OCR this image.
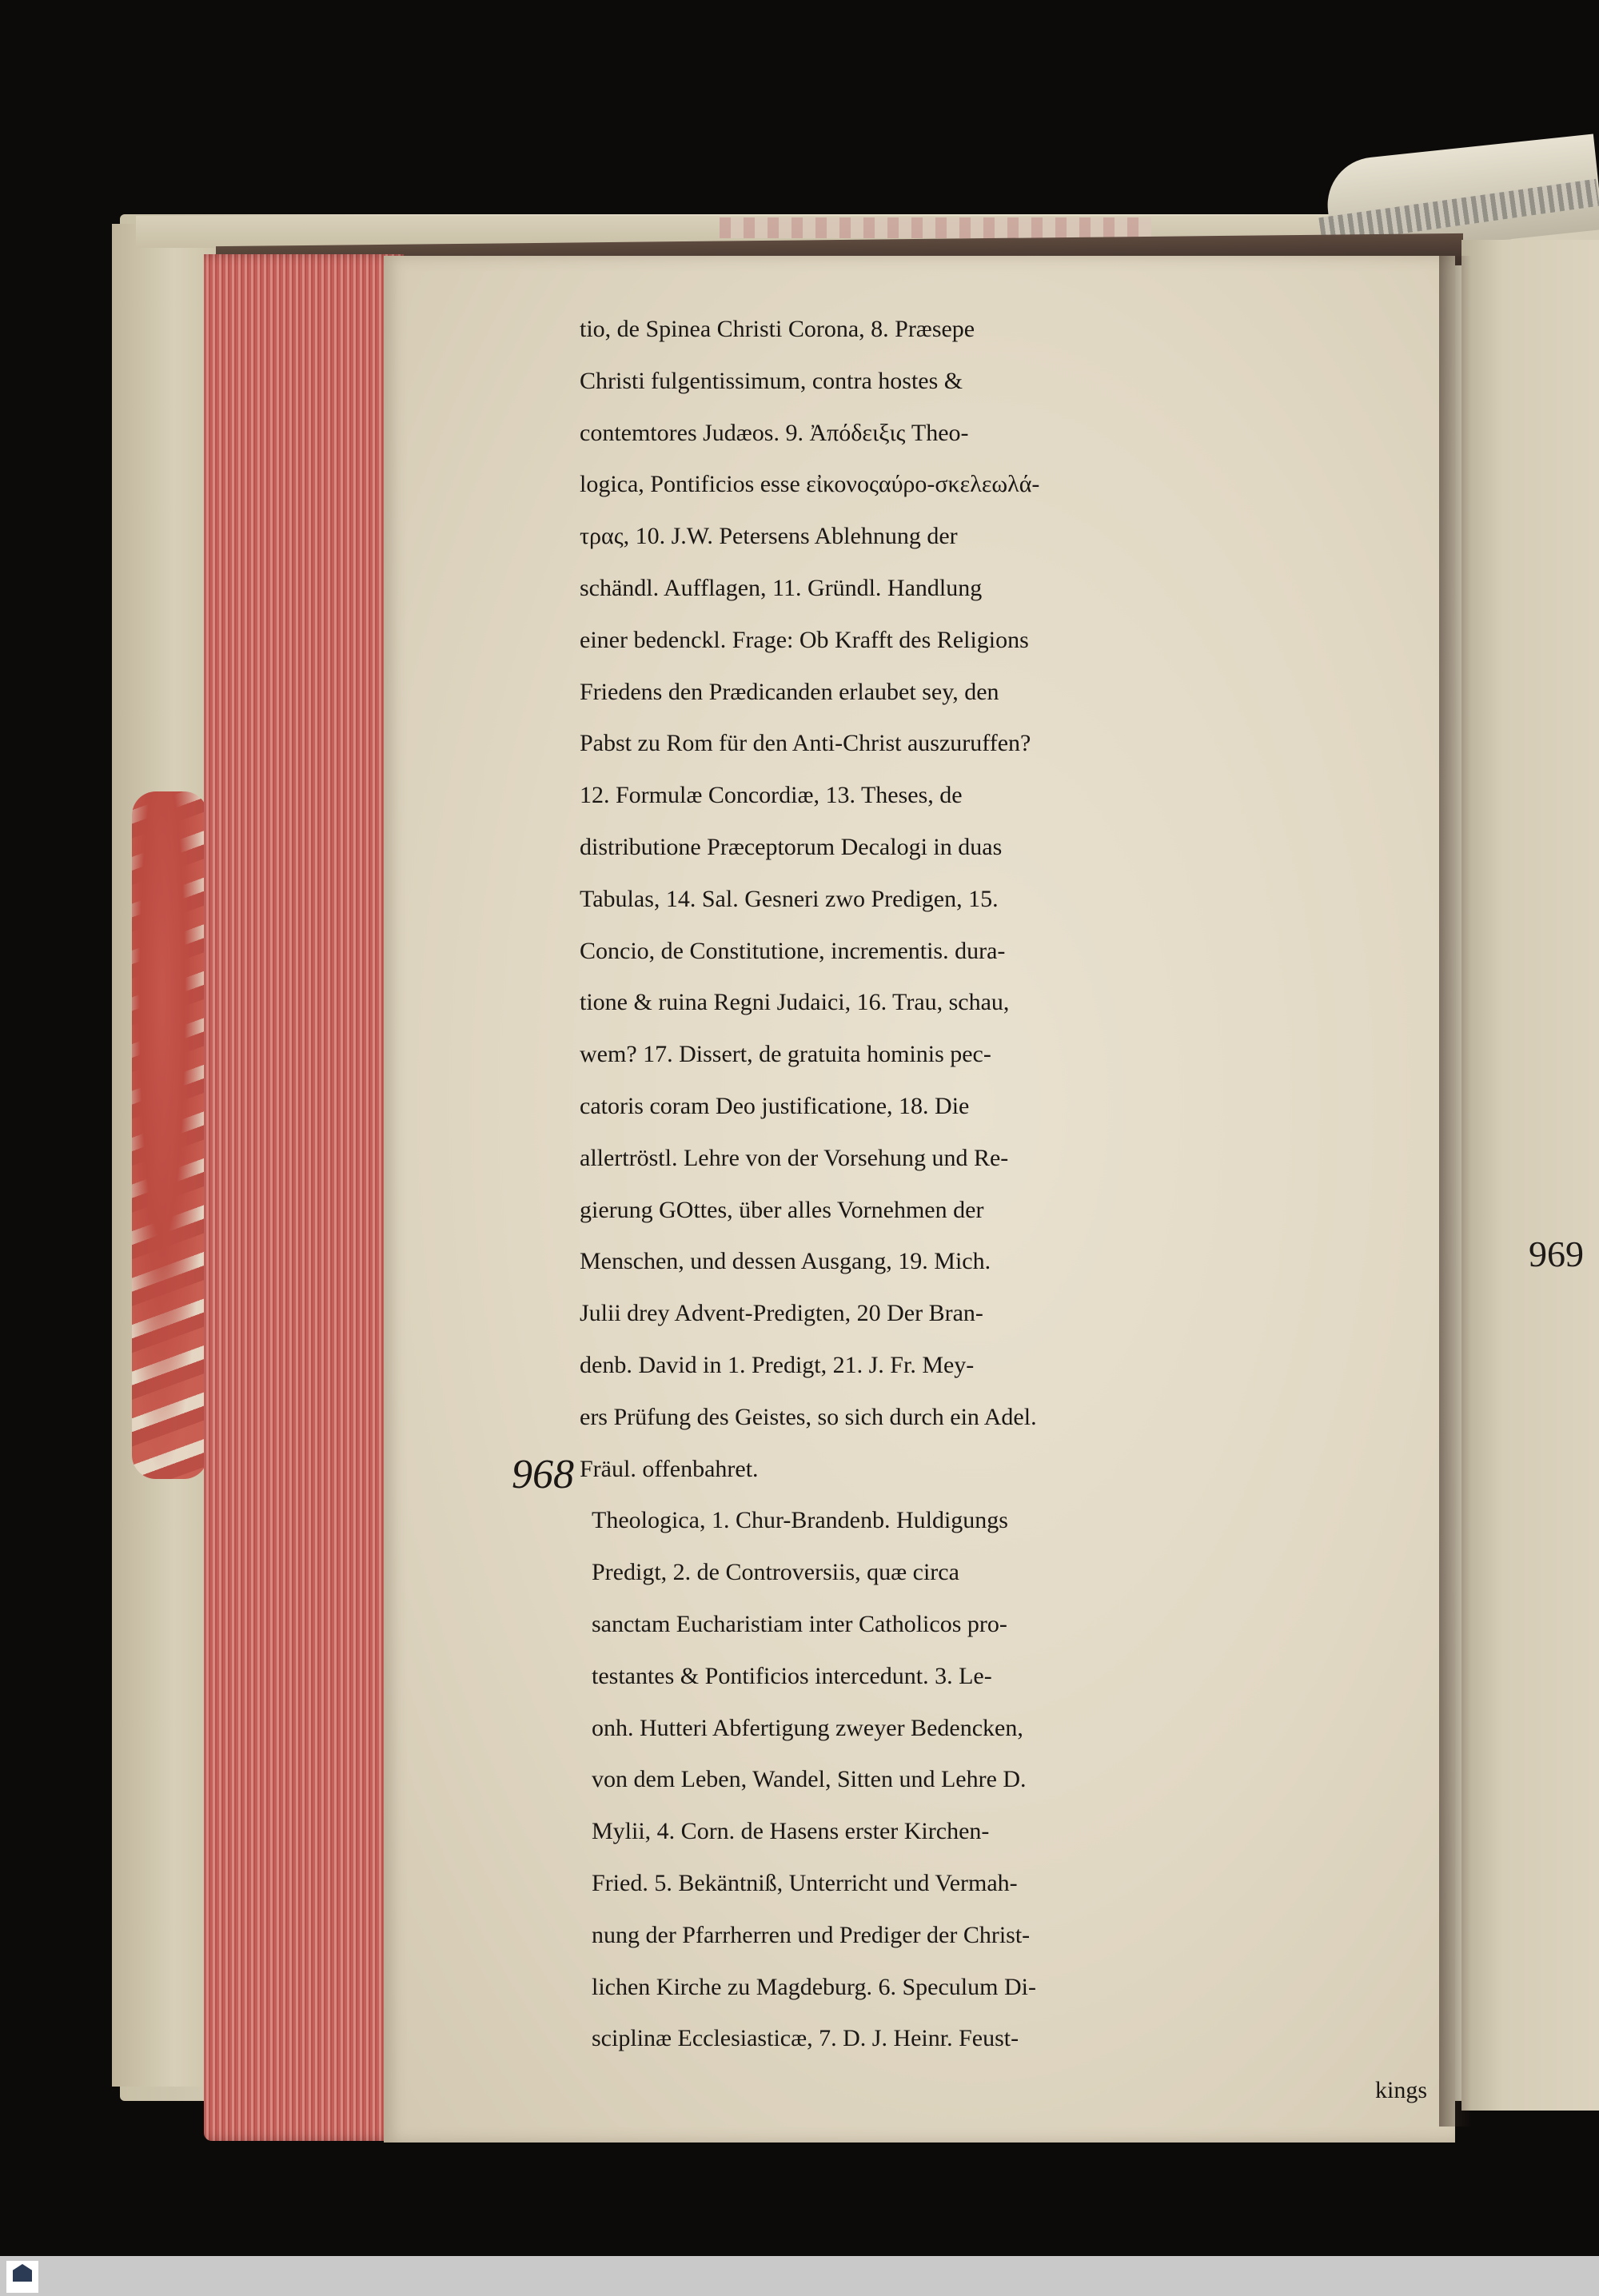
969
968
tio, de Spinea Christi Corona, 8. Præsepe
Christi fulgentissimum, contra hostes &
contemtores Judæos. 9. Ἀπόδειξις Theo-
logica, Pontificios esse εἰκονοςαύρο-σκελεωλά-
τρας, 10. J.W. Petersens Ablehnung der
schändl. Aufflagen, 11. Gründl. Handlung
einer bedenckl. Frage: Ob Krafft des Religions
Friedens den Prædicanden erlaubet sey, den
Pabst zu Rom für den Anti-Christ auszuruffen?
12. Formulæ Concordiæ, 13. Theses, de
distributione Præceptorum Decalogi in duas
Tabulas, 14. Sal. Gesneri zwo Predigen, 15.
Concio, de Constitutione, incrementis. dura-
tione & ruina Regni Judaici, 16. Trau, schau,
wem? 17. Dissert, de gratuita hominis pec-
catoris coram Deo justificatione, 18. Die
allertröstl. Lehre von der Vorsehung und Re-
gierung GOttes, über alles Vornehmen der
Menschen, und dessen Ausgang, 19. Mich.
Julii drey Advent-Predigten, 20 Der Bran-
denb. David in 1. Predigt, 21. J. Fr. Mey-
ers Prüfung des Geistes, so sich durch ein Adel.
Fräul. offenbahret.
Theologica, 1. Chur-Brandenb. Huldigungs
Predigt, 2. de Controversiis, quæ circa
sanctam Eucharistiam inter Catholicos pro-
testantes & Pontificios intercedunt. 3. Le-
onh. Hutteri Abfertigung zweyer Bedencken,
von dem Leben, Wandel, Sitten und Lehre D.
Mylii, 4. Corn. de Hasens erster Kirchen-
Fried. 5. Bekäntniß, Unterricht und Vermah-
nung der Pfarrherren und Prediger der Christ-
lichen Kirche zu Magdeburg. 6. Speculum Di-
sciplinæ Ecclesiasticæ, 7. D. J. Heinr. Feust-
kings
